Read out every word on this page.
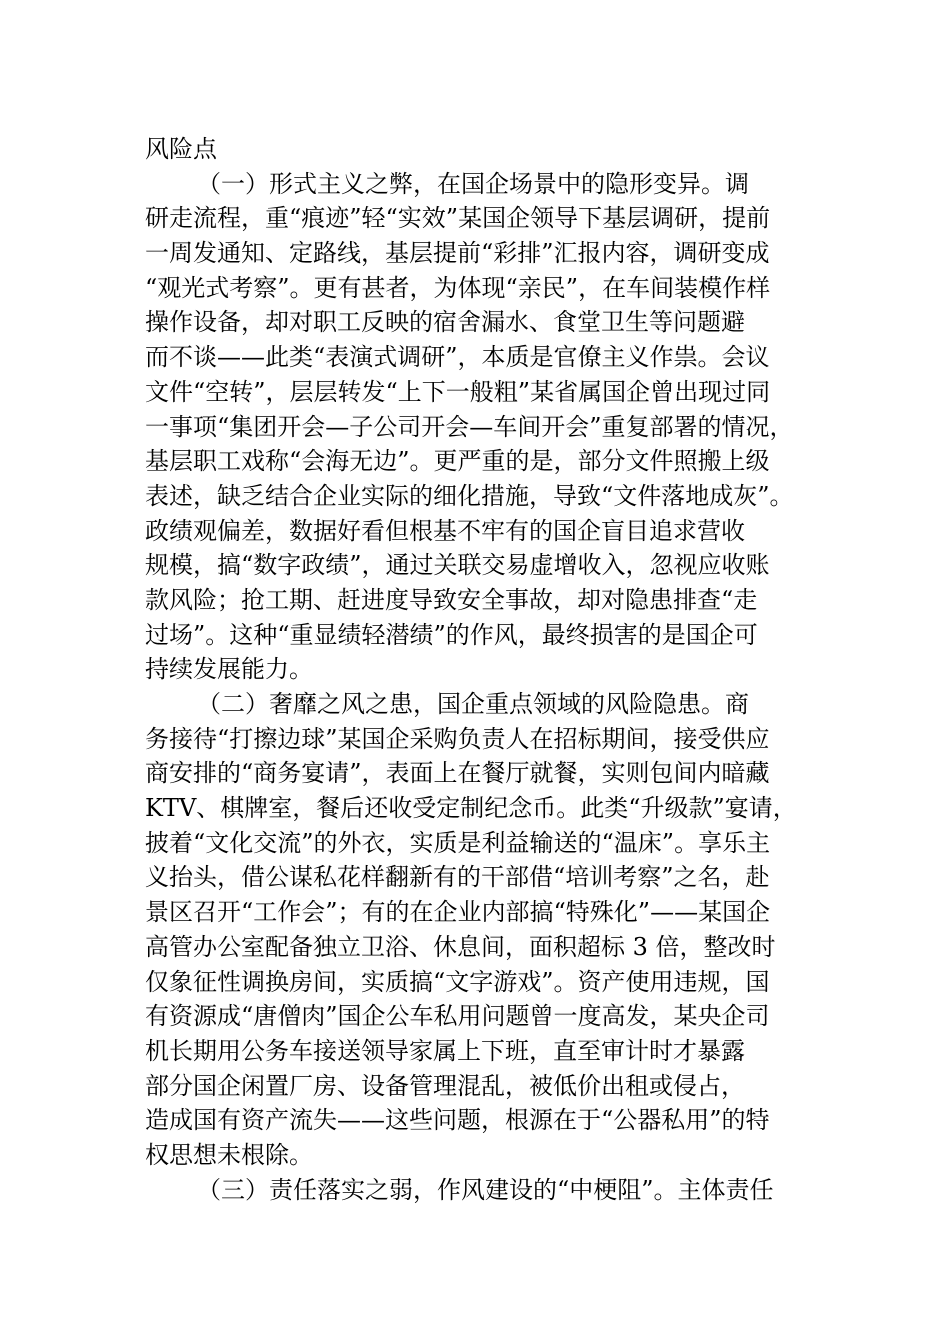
风险点
（一）形式主义之弊，在国企场景中的隐形变异。调
研走流程，重“痕迹”轻“实效”某国企领导下基层调研，提前
一周发通知、定路线，基层提前“彩排”汇报内容，调研变成
“观光式考察”。更有甚者，为体现“亲民”，在车间装模作样
操作设备，却对职工反映的宿舍漏水、食堂卫生等问题避
而不谈——此类“表演式调研”，本质是官僚主义作祟。会议
文件“空转”，层层转发“上下一般粗”某省属国企曾出现过同
一事项“集团开会—子公司开会—车间开会”重复部署的情况，
基层职工戏称“会海无边”。更严重的是，部分文件照搬上级
表述，缺乏结合企业实际的细化措施，导致“文件落地成灰”。
政绩观偏差，数据好看但根基不牢有的国企盲目追求营收
规模，搞“数字政绩”，通过关联交易虚增收入，忽视应收账
款风险；抢工期、赶进度导致安全事故，却对隐患排查“走
过场”。这种“重显绩轻潜绩”的作风，最终损害的是国企可
持续发展能力。
（二）奢靡之风之患，国企重点领域的风险隐患。商
务接待“打擦边球”某国企采购负责人在招标期间，接受供应
商安排的“商务宴请”，表面上在餐厅就餐，实则包间内暗藏
KTV、棋牌室，餐后还收受定制纪念币。此类“升级款”宴请，
披着“文化交流”的外衣，实质是利益输送的“温床”。享乐主
义抬头，借公谋私花样翻新有的干部借“培训考察”之名，赴
景区召开“工作会”；有的在企业内部搞“特殊化”——某国企
高管办公室配备独立卫浴、休息间，面积超标 3 倍，整改时
仅象征性调换房间，实质搞“文字游戏”。资产使用违规，国
有资源成“唐僧肉”国企公车私用问题曾一度高发，某央企司
机长期用公务车接送领导家属上下班，直至审计时才暴露
部分国企闲置厂房、设备管理混乱，被低价出租或侵占，
造成国有资产流失——这些问题，根源在于“公器私用”的特
权思想未根除。
（三）责任落实之弱，作风建设的“中梗阻”。主体责任
